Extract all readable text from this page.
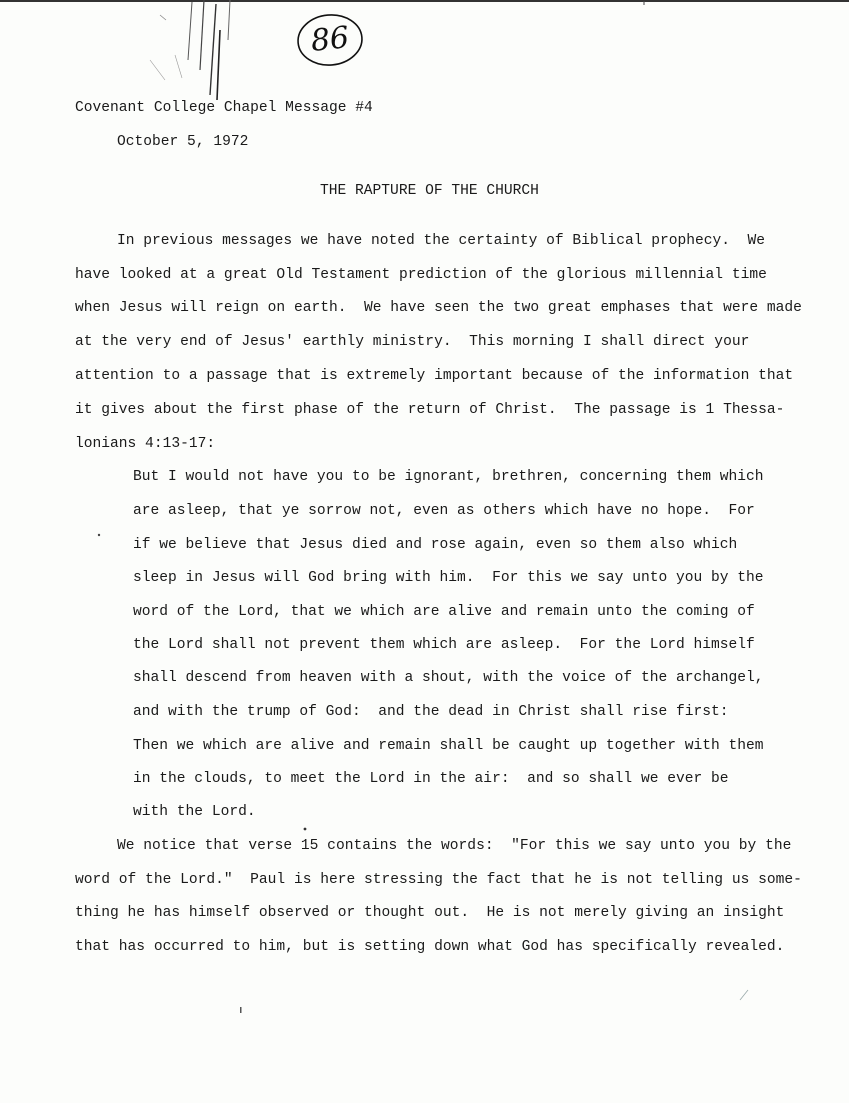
86
Covenant College Chapel Message #4
October 5, 1972
THE RAPTURE OF THE CHURCH
In previous messages we have noted the certainty of Biblical prophecy.  We
have looked at a great Old Testament prediction of the glorious millennial time
when Jesus will reign on earth.  We have seen the two great emphases that were made
at the very end of Jesus' earthly ministry.  This morning I shall direct your
attention to a passage that is extremely important because of the information that
it gives about the first phase of the return of Christ.  The passage is 1 Thessa-
lonians 4:13-17:
But I would not have you to be ignorant, brethren, concerning them which
are asleep, that ye sorrow not, even as others which have no hope.  For
if we believe that Jesus died and rose again, even so them also which
sleep in Jesus will God bring with him.  For this we say unto you by the
word of the Lord, that we which are alive and remain unto the coming of
the Lord shall not prevent them which are asleep.  For the Lord himself
shall descend from heaven with a shout, with the voice of the archangel,
and with the trump of God:  and the dead in Christ shall rise first:
Then we which are alive and remain shall be caught up together with them
in the clouds, to meet the Lord in the air:  and so shall we ever be
with the Lord.
We notice that verse 15 contains the words:  "For this we say unto you by the
word of the Lord."  Paul is here stressing the fact that he is not telling us some-
thing he has himself observed or thought out.  He is not merely giving an insight
that has occurred to him, but is setting down what God has specifically revealed.
